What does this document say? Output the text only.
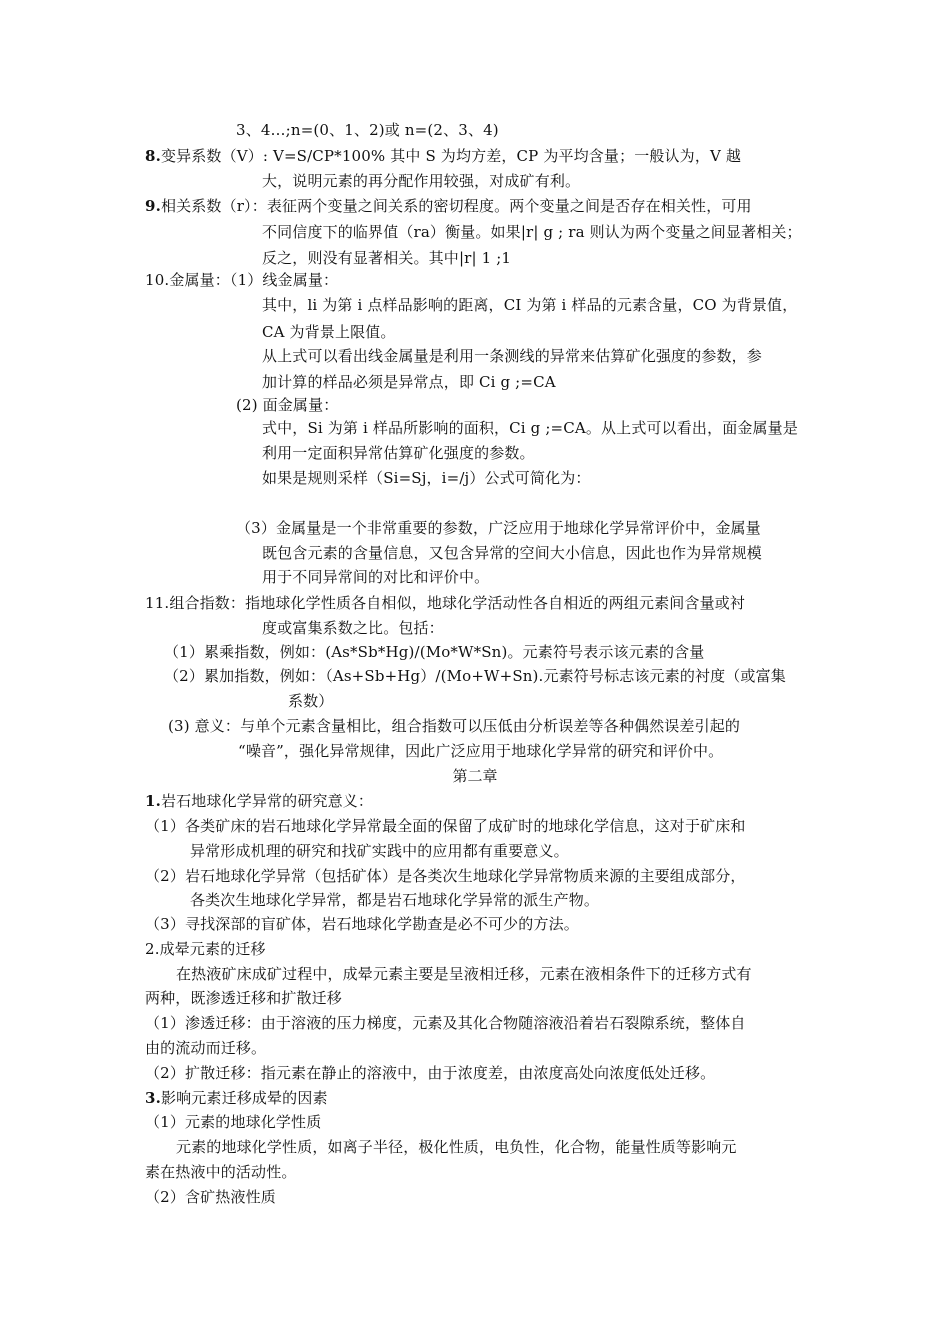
3、4…;n=(0、1、2)或 n=(2、3、4)
8.变异系数（V）: V=S/CP*100% 其中 S 为均方差，CP 为平均含量；一般认为，V 越
大，说明元素的再分配作用较强，对成矿有利。
9.相关系数（r）：表征两个变量之间关系的密切程度。两个变量之间是否存在相关性，可用
不同信度下的临界值（ra）衡量。如果|r| g ; ra 则认为两个变量之间显著相关；
反之，则没有显著相关。其中|r| 1 ;1
10.金属量：（1）线金属量：
其中，li 为第 i 点样品影响的距离，CI 为第 i 样品的元素含量，CO 为背景值，
CA 为背景上限值。
从上式可以看出线金属量是利用一条测线的异常来估算矿化强度的参数，参
加计算的样品必须是异常点，即 Ci g ;=CA
(2) 面金属量：
式中，Si 为第 i 样品所影响的面积，Ci g ;=CA。从上式可以看出，面金属量是
利用一定面积异常估算矿化强度的参数。
如果是规则采样（Si=Sj，i=/j）公式可简化为：
（3）金属量是一个非常重要的参数，广泛应用于地球化学异常评价中，金属量
既包含元素的含量信息，又包含异常的空间大小信息，因此也作为异常规模
用于不同异常间的对比和评价中。
11.组合指数：指地球化学性质各自相似，地球化学活动性各自相近的两组元素间含量或衬
度或富集系数之比。包括：
（1）累乘指数，例如：(As*Sb*Hg)/(Mo*W*Sn)。元素符号表示该元素的含量
（2）累加指数，例如：（As+Sb+Hg）/(Mo+W+Sn).元素符号标志该元素的衬度（或富集
系数）
(3) 意义：与单个元素含量相比，组合指数可以压低由分析误差等各种偶然误差引起的
“噪音”，强化异常规律，因此广泛应用于地球化学异常的研究和评价中。
第二章
1.岩石地球化学异常的研究意义：
（1）各类矿床的岩石地球化学异常最全面的保留了成矿时的地球化学信息，这对于矿床和
异常形成机理的研究和找矿实践中的应用都有重要意义。
（2）岩石地球化学异常（包括矿体）是各类次生地球化学异常物质来源的主要组成部分，
各类次生地球化学异常，都是岩石地球化学异常的派生产物。
（3）寻找深部的盲矿体，岩石地球化学勘查是必不可少的方法。
2.成晕元素的迁移
在热液矿床成矿过程中，成晕元素主要是呈液相迁移，元素在液相条件下的迁移方式有
两种，既渗透迁移和扩散迁移
（1）渗透迁移：由于溶液的压力梯度，元素及其化合物随溶液沿着岩石裂隙系统，整体自
由的流动而迁移。
（2）扩散迁移：指元素在静止的溶液中，由于浓度差，由浓度高处向浓度低处迁移。
3.影响元素迁移成晕的因素
（1）元素的地球化学性质
元素的地球化学性质，如离子半径，极化性质，电负性，化合物，能量性质等影响元
素在热液中的活动性。
（2）含矿热液性质
